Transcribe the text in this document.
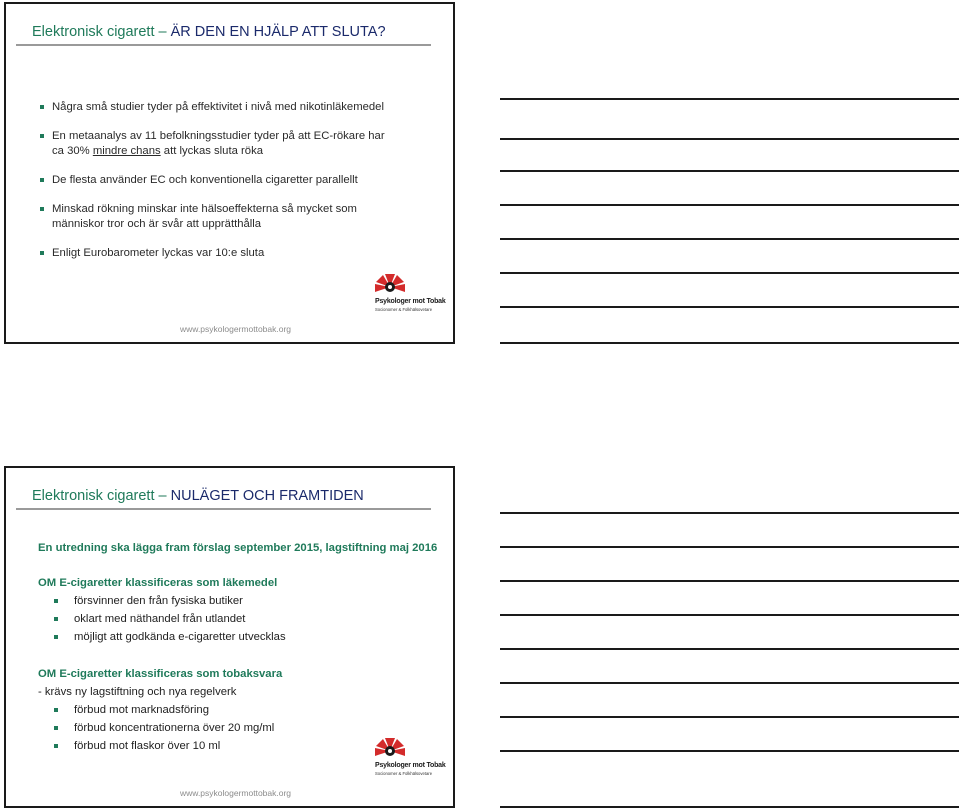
Elektronisk cigarett – ÄR DEN EN HJÄLP ATT SLUTA?
Några små studier tyder på effektivitet i nivå med nikotinläkemedel
En metaanalys av 11 befolkningsstudier tyder på att EC-rökare har
ca 30% mindre chans att lyckas sluta röka
De flesta använder EC och konventionella cigaretter parallellt
Minskad rökning minskar inte hälsoeffekterna så mycket som
människor tror och är svår att upprätthålla
Enligt Eurobarometer lyckas var 10:e sluta
Psykologer mot Tobak
Socionomer & Folkhälsovetare
www.psykologermottobak.org
Elektronisk cigarett – NULÄGET OCH FRAMTIDEN
En utredning ska lägga fram förslag september 2015, lagstiftning maj 2016
OM E-cigaretter klassificeras som läkemedel
försvinner den från fysiska butiker
oklart med näthandel från utlandet
möjligt att godkända e-cigaretter utvecklas
OM E-cigaretter klassificeras som tobaksvara
- krävs ny lagstiftning och nya regelverk
förbud mot marknadsföring
förbud koncentrationerna över 20 mg/ml
förbud mot flaskor över 10 ml
Psykologer mot Tobak
Socionomer & Folkhälsovetare
www.psykologermottobak.org
